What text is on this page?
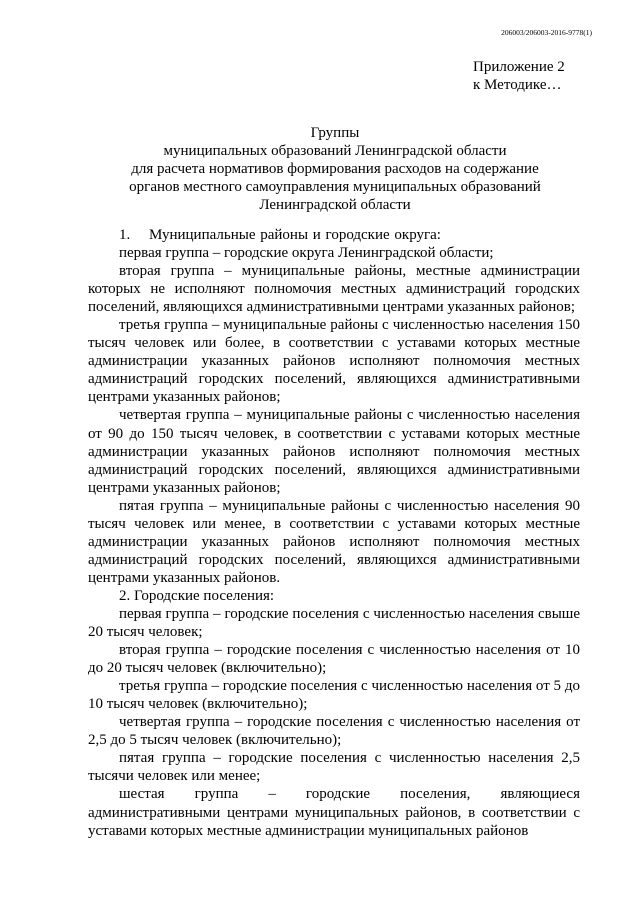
206003/206003-2016-9778(1)
Приложение 2
к Методике…
Группы
муниципальных образований Ленинградской области
для расчета нормативов формирования расходов на содержание
органов местного самоуправления муниципальных образований
Ленинградской области

1. Муниципальные районы и городские округа:

первая группа – городские округа Ленинградской области;

вторая группа – муниципальные районы, местные администрации которых не исполняют полномочия местных администраций городских поселений, являющихся административными центрами указанных районов;

третья группа – муниципальные районы с численностью населения 150 тысяч человек или более, в соответствии с уставами которых местные администрации указанных районов исполняют полномочия местных администраций городских поселений, являющихся административными центрами указанных районов;

четвертая группа – муниципальные районы с численностью населения от 90 до 150 тысяч человек, в соответствии с уставами которых местные администрации указанных районов исполняют полномочия местных администраций городских поселений, являющихся административными центрами указанных районов;

пятая группа – муниципальные районы с численностью населения 90 тысяч человек или менее, в соответствии с уставами которых местные администрации указанных районов исполняют полномочия местных администраций городских поселений, являющихся административными центрами указанных районов.

2. Городские поселения:

первая группа – городские поселения с численностью населения свыше 20 тысяч человек;

вторая группа – городские поселения с численностью населения от 10 до 20 тысяч человек (включительно);

третья группа – городские поселения с численностью населения от 5 до 10 тысяч человек (включительно);

четвертая группа – городские поселения с численностью населения от 2,5 до 5 тысяч человек (включительно);

пятая группа – городские поселения с численностью населения 2,5 тысячи человек или менее;

шестая группа – городские поселения, являющиеся административными центрами муниципальных районов, в соответствии с уставами которых местные администрации муниципальных районов
